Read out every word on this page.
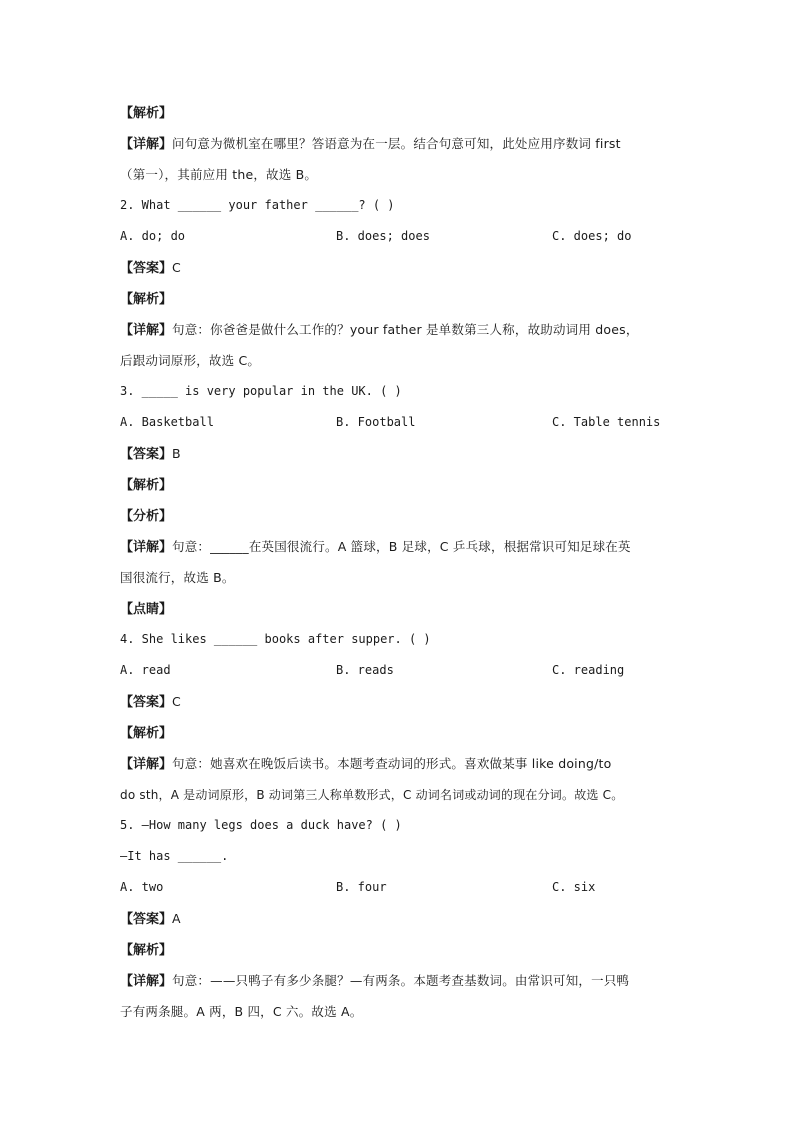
【解析】
【详解】问句意为微机室在哪里？答语意为在一层。结合句意可知，此处应用序数词 first
（第一），其前应用 the，故选 B。
2. What ______ your father ______? ( )
A. do; do	B. does; does	C. does; do
【答案】C
【解析】
【详解】句意：你爸爸是做什么工作的？your father 是单数第三人称，故助动词用 does，
后跟动词原形，故选 C。
3. _____ is very popular in the UK. ( )
A. Basketball	B. Football	C. Table tennis
【答案】B
【解析】
【分析】
【详解】句意：______在英国很流行。A 篮球，B 足球，C 乒乓球，根据常识可知足球在英
国很流行，故选 B。
【点睛】
4. She likes ______ books after supper. ( )
A. read	B. reads	C. reading
【答案】C
【解析】
【详解】句意：她喜欢在晚饭后读书。本题考查动词的形式。喜欢做某事 like doing/to
do sth，A 是动词原形，B 动词第三人称单数形式，C 动词名词或动词的现在分词。故选 C。
5. —How many legs does a duck have? ( )
—It has ______.
A. two	B. four	C. six
【答案】A
【解析】
【详解】句意：——只鸭子有多少条腿？—有两条。本题考查基数词。由常识可知，一只鸭
子有两条腿。A 两，B 四，C 六。故选 A。
